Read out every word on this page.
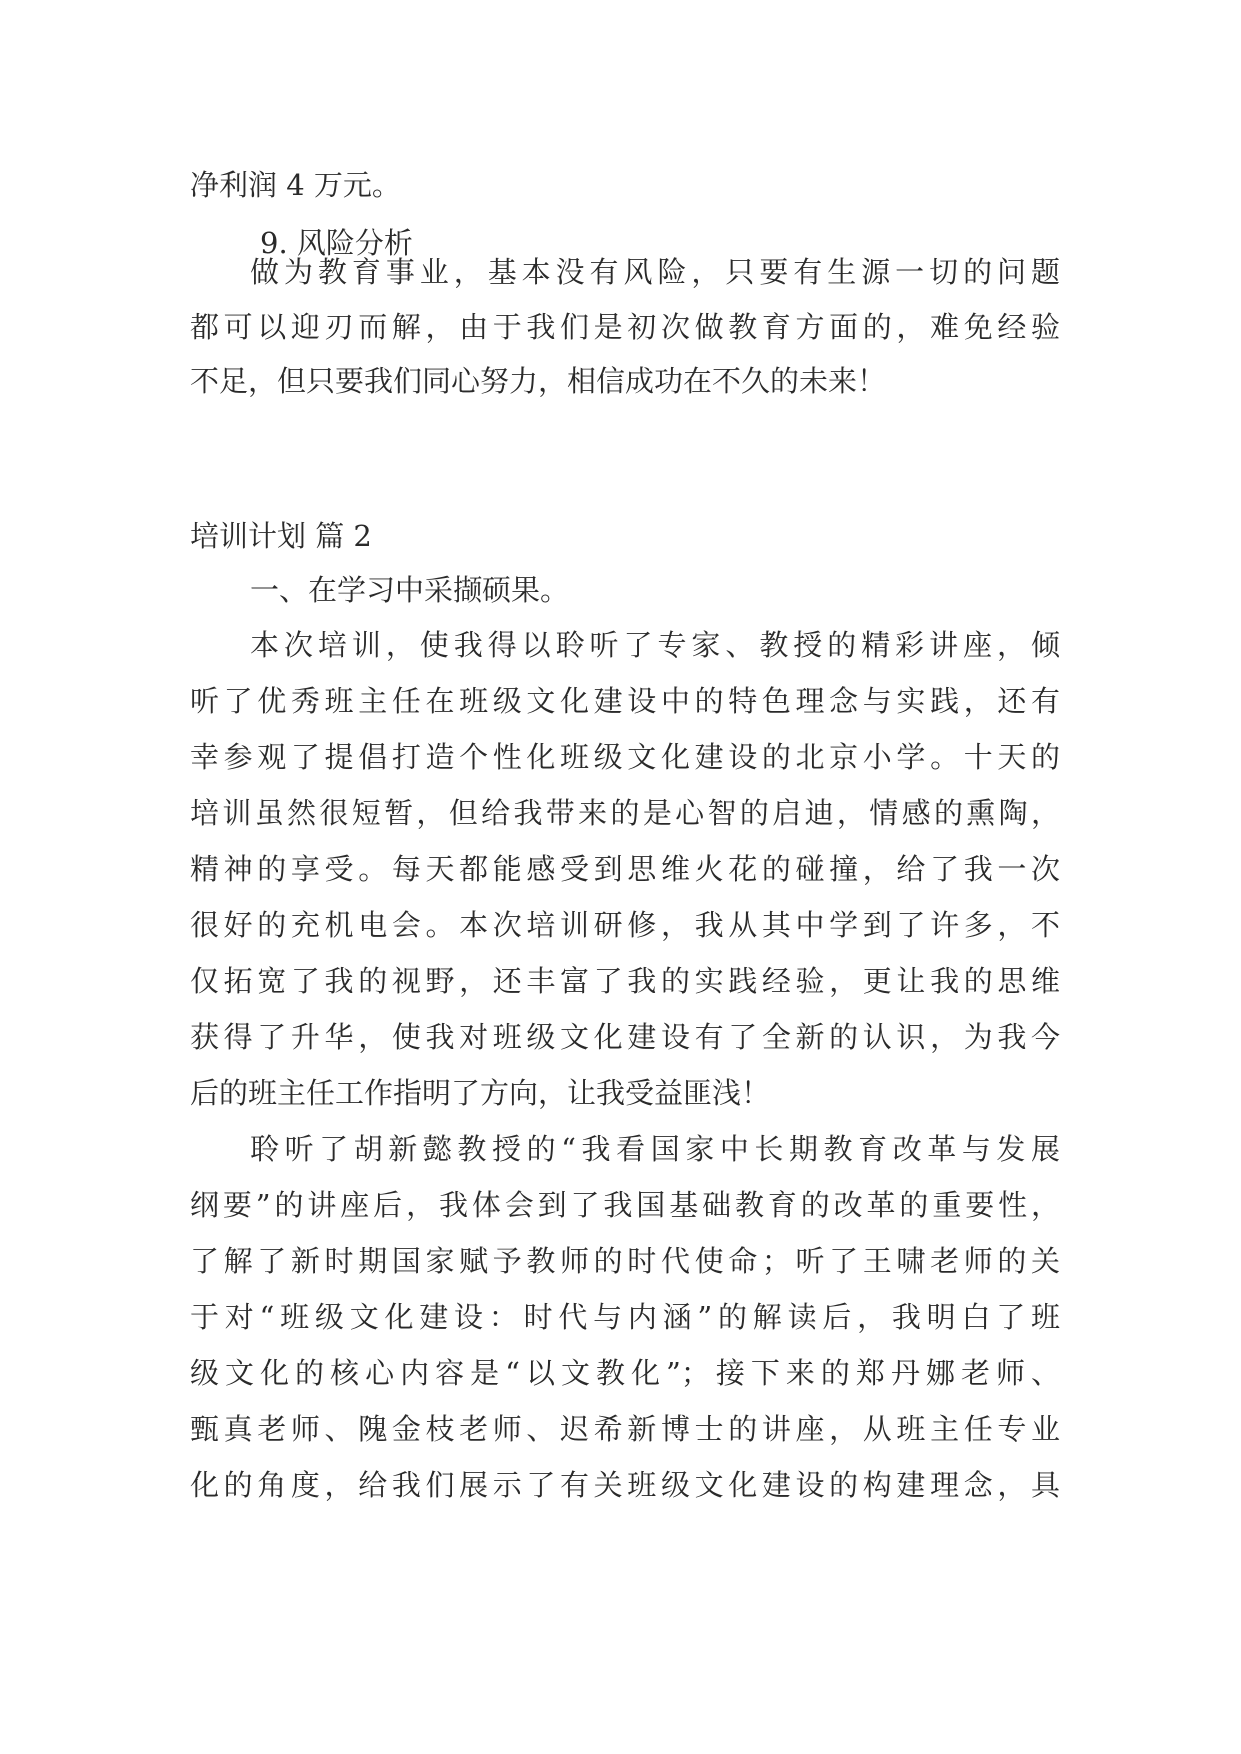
净利润 4 万元。
9. 风险分析
做为教育事业，基本没有风险，只要有生源一切的问题
都可以迎刃而解，由于我们是初次做教育方面的，难免经验
不足，但只要我们同心努力，相信成功在不久的未来！
培训计划 篇 2
一、在学习中采撷硕果。
本次培训，使我得以聆听了专家、教授的精彩讲座，倾
听了优秀班主任在班级文化建设中的特色理念与实践，还有
幸参观了提倡打造个性化班级文化建设的北京小学。十天的
培训虽然很短暂，但给我带来的是心智的启迪，情感的熏陶，
精神的享受。每天都能感受到思维火花的碰撞，给了我一次
很好的充机电会。本次培训研修，我从其中学到了许多，不
仅拓宽了我的视野，还丰富了我的实践经验，更让我的思维
获得了升华，使我对班级文化建设有了全新的认识，为我今
后的班主任工作指明了方向，让我受益匪浅！
聆听了胡新懿教授的“我看国家中长期教育改革与发展
纲要”的讲座后，我体会到了我国基础教育的改革的重要性，
了解了新时期国家赋予教师的时代使命；听了王啸老师的关
于对“班级文化建设：时代与内涵”的解读后，我明白了班
级文化的核心内容是“以文教化”；接下来的郑丹娜老师、
甄真老师、隗金枝老师、迟希新博士的讲座，从班主任专业
化的角度，给我们展示了有关班级文化建设的构建理念，具
